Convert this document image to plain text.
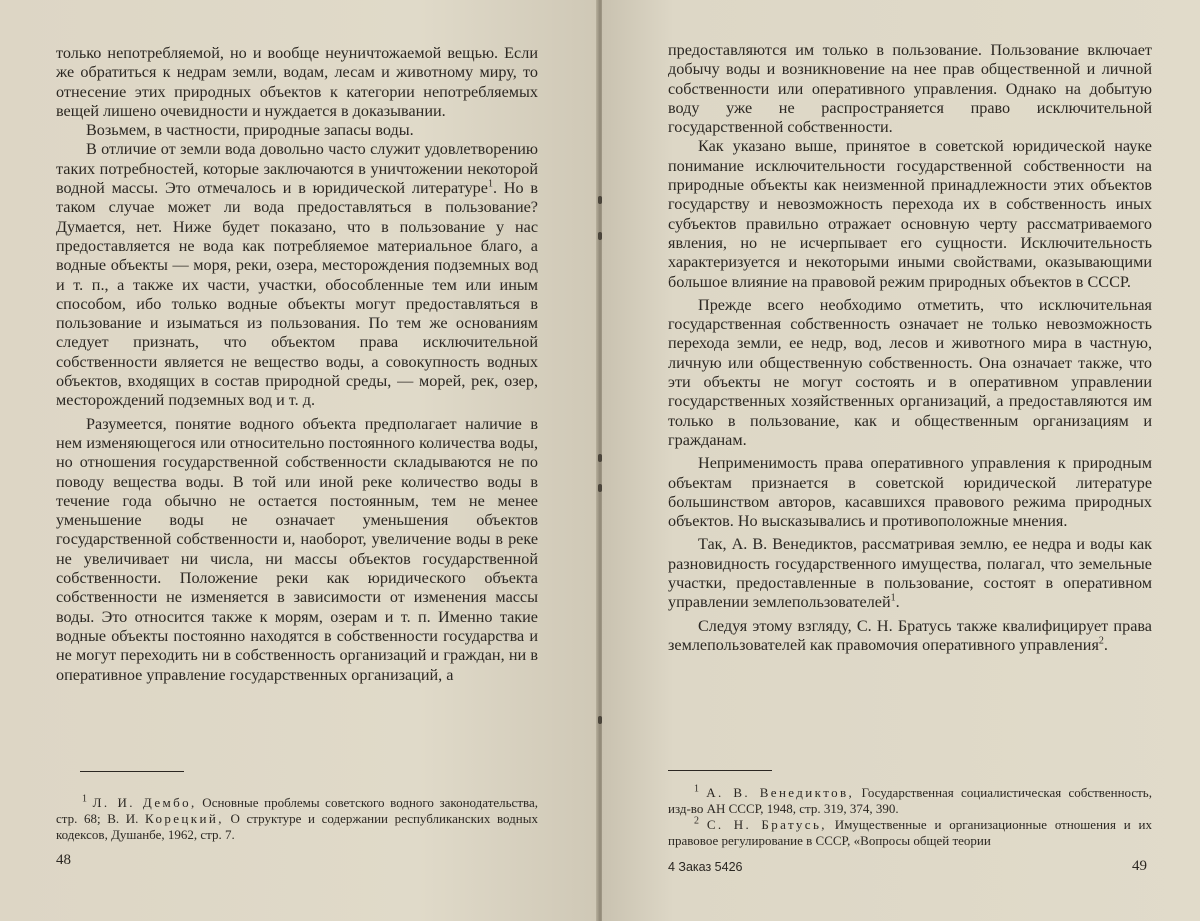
только непотребляемой, но и вообще неуничтожаемой вещью. Если же обратиться к недрам земли, водам, лесам и животному миру, то отнесение этих природных объектов к категории непотребляемых вещей лишено очевидности и нуждается в доказывании.

Возьмем, в частности, природные запасы воды.

В отличие от земли вода довольно часто служит удовлетворению таких потребностей, которые заключаются в уничтожении некоторой водной массы. Это отмечалось и в юридической литературе$^1$. Но в таком случае может ли вода предоставляться в пользование? Думается, нет. Ниже будет показано, что в пользование у нас предоставляется не вода как потребляемое материальное благо, а водные объекты — моря, реки, озера, месторождения подземных вод и т. п., а также их части, участки, обособленные тем или иным способом, ибо только водные объекты могут предоставляться в пользование и изыматься из пользования. По тем же основаниям следует признать, что объектом права исключительной собственности является не вещество воды, а совокупность водных объектов, входящих в состав природной среды, — морей, рек, озер, месторождений подземных вод и т. д.

Разумеется, понятие водного объекта предполагает наличие в нем изменяющегося или относительно постоянного количества воды, но отношения государственной собственности складываются не по поводу вещества воды. В той или иной реке количество воды в течение года обычно не остается постоянным, тем не менее уменьшение воды не означает уменьшения объектов государственной собственности и, наоборот, увеличение воды в реке не увеличивает ни числа, ни массы объектов государственной собственности. Положение реки как юридического объекта собственности не изменяется в зависимости от изменения массы воды. Это относится также к морям, озерам и т. п. Именно такие водные объекты постоянно находятся в собственности государства и не могут переходить ни в собственность организаций и граждан, ни в оперативное управление государственных организаций, а

$^1$ Л. И. Дембо, Основные проблемы советского водного законодательства, стр. 68; В. И. Корецкий, О структуре и содержании республиканских водных кодексов, Душанбе, 1962, стр. 7.

48

предоставляются им только в пользование. Пользование включает добычу воды и возникновение на нее прав общественной и личной собственности или оперативного управления. Однако на добытую воду уже не распространяется право исключительной государственной собственности.

Как указано выше, принятое в советской юридической науке понимание исключительности государственной собственности на природные объекты как неизменной принадлежности этих объектов государству и невозможность перехода их в собственность иных субъектов правильно отражает основную черту рассматриваемого явления, но не исчерпывает его сущности. Исключительность характеризуется и некоторыми иными свойствами, оказывающими большое влияние на правовой режим природных объектов в СССР.

Прежде всего необходимо отметить, что исключительная государственная собственность означает не только невозможность перехода земли, ее недр, вод, лесов и животного мира в частную, личную или общественную собственность. Она означает также, что эти объекты не могут состоять и в оперативном управлении государственных хозяйственных организаций, а предоставляются им только в пользование, как и общественным организациям и гражданам.

Неприменимость права оперативного управления к природным объектам признается в советской юридической литературе большинством авторов, касавшихся правового режима природных объектов. Но высказывались и противоположные мнения.

Так, А. В. Венедиктов, рассматривая землю, ее недра и воды как разновидность государственного имущества, полагал, что земельные участки, предоставленные в пользование, состоят в оперативном управлении землепользователей$^1$.

Следуя этому взгляду, С. Н. Братусь также квалифицирует права землепользователей как правомочия оперативного управления$^2$.

$^1$ А. В. Венедиктов, Государственная социалистическая собственность, изд-во АН СССР, 1948, стр. 319, 374, 390.

$^2$ С. Н. Братусь, Имущественные и организационные отношения и их правовое регулирование в СССР, «Вопросы общей теории

4 Заказ 5426	49
